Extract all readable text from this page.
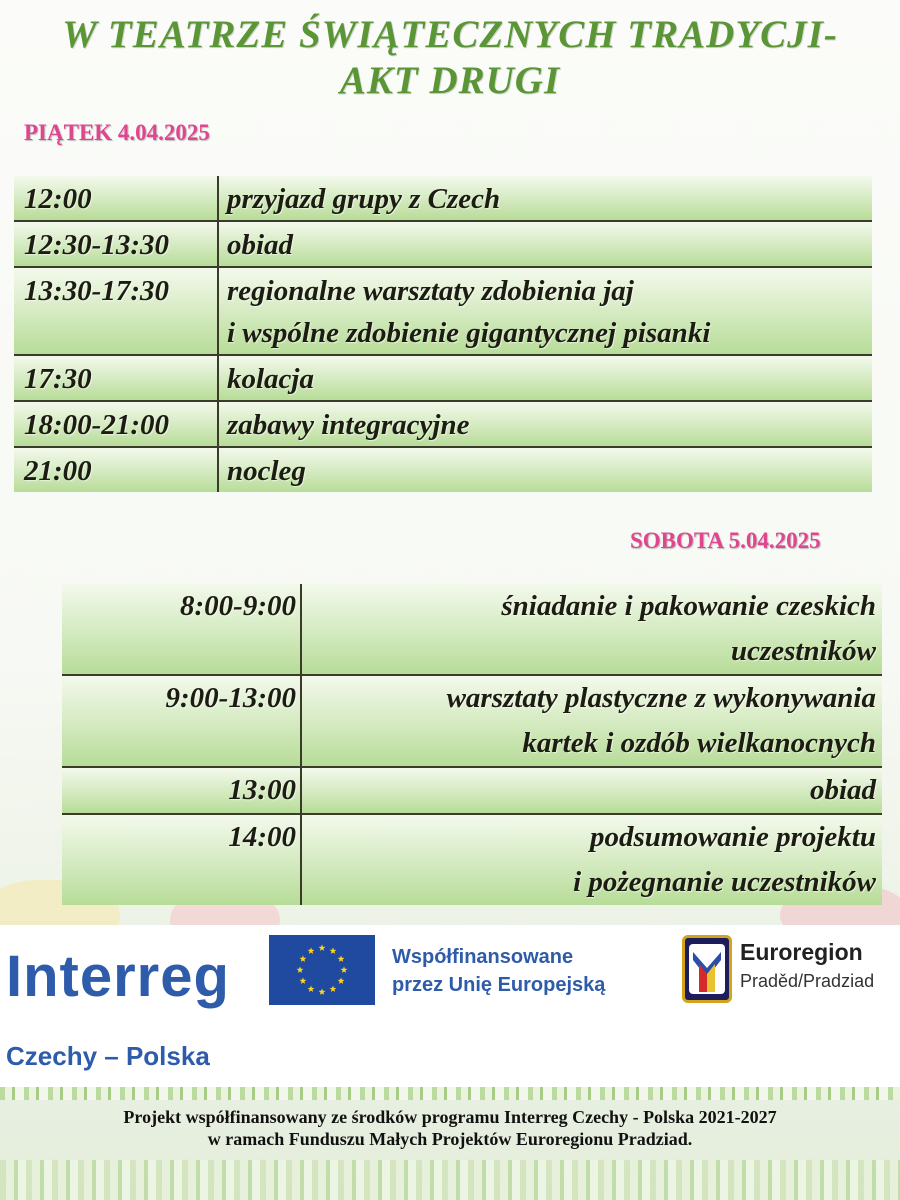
W TEATRZE ŚWIĄTECZNYCH TRADYCJI-
AKT DRUGI
PIĄTEK 4.04.2025
12:00	przyjazd grupy z Czech
12:30-13:30	obiad
13:30-17:30	regionalne warsztaty zdobienia jaj
i wspólne zdobienie gigantycznej pisanki
17:30	kolacja
18:00-21:00	zabawy integracyjne
21:00	nocleg
SOBOTA 5.04.2025
8:00-9:00	śniadanie i pakowanie czeskich
uczestników
9:00-13:00	warsztaty plastyczne z wykonywania
kartek i ozdób wielkanocnych
13:00	obiad
14:00	podsumowanie projektu
i pożegnanie uczestników
Interreg
Czechy – Polska
Współfinansowane
przez Unię Europejską
Euroregion
Praděd/Pradziad
Projekt współfinansowany ze środków programu Interreg Czechy - Polska 2021-2027
w ramach Funduszu Małych Projektów Euroregionu Pradziad.
